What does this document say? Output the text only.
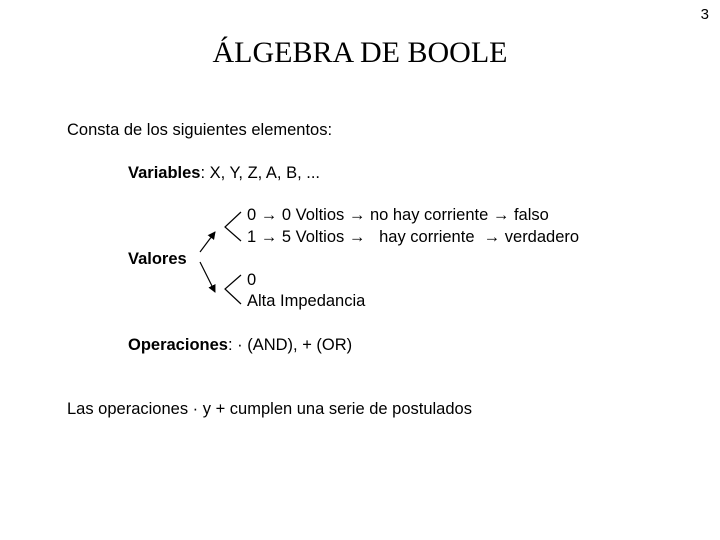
3
ÁLGEBRA DE BOOLE
Consta de los siguientes elementos:
Variables: X, Y, Z, A, B, ...
0 → 0 Voltios → no hay corriente → falso
1 → 5 Voltios → hay corriente → verdadero
Valores
0
Alta Impedancia
Operaciones: · (AND), + (OR)
Las operaciones · y + cumplen una serie de postulados
